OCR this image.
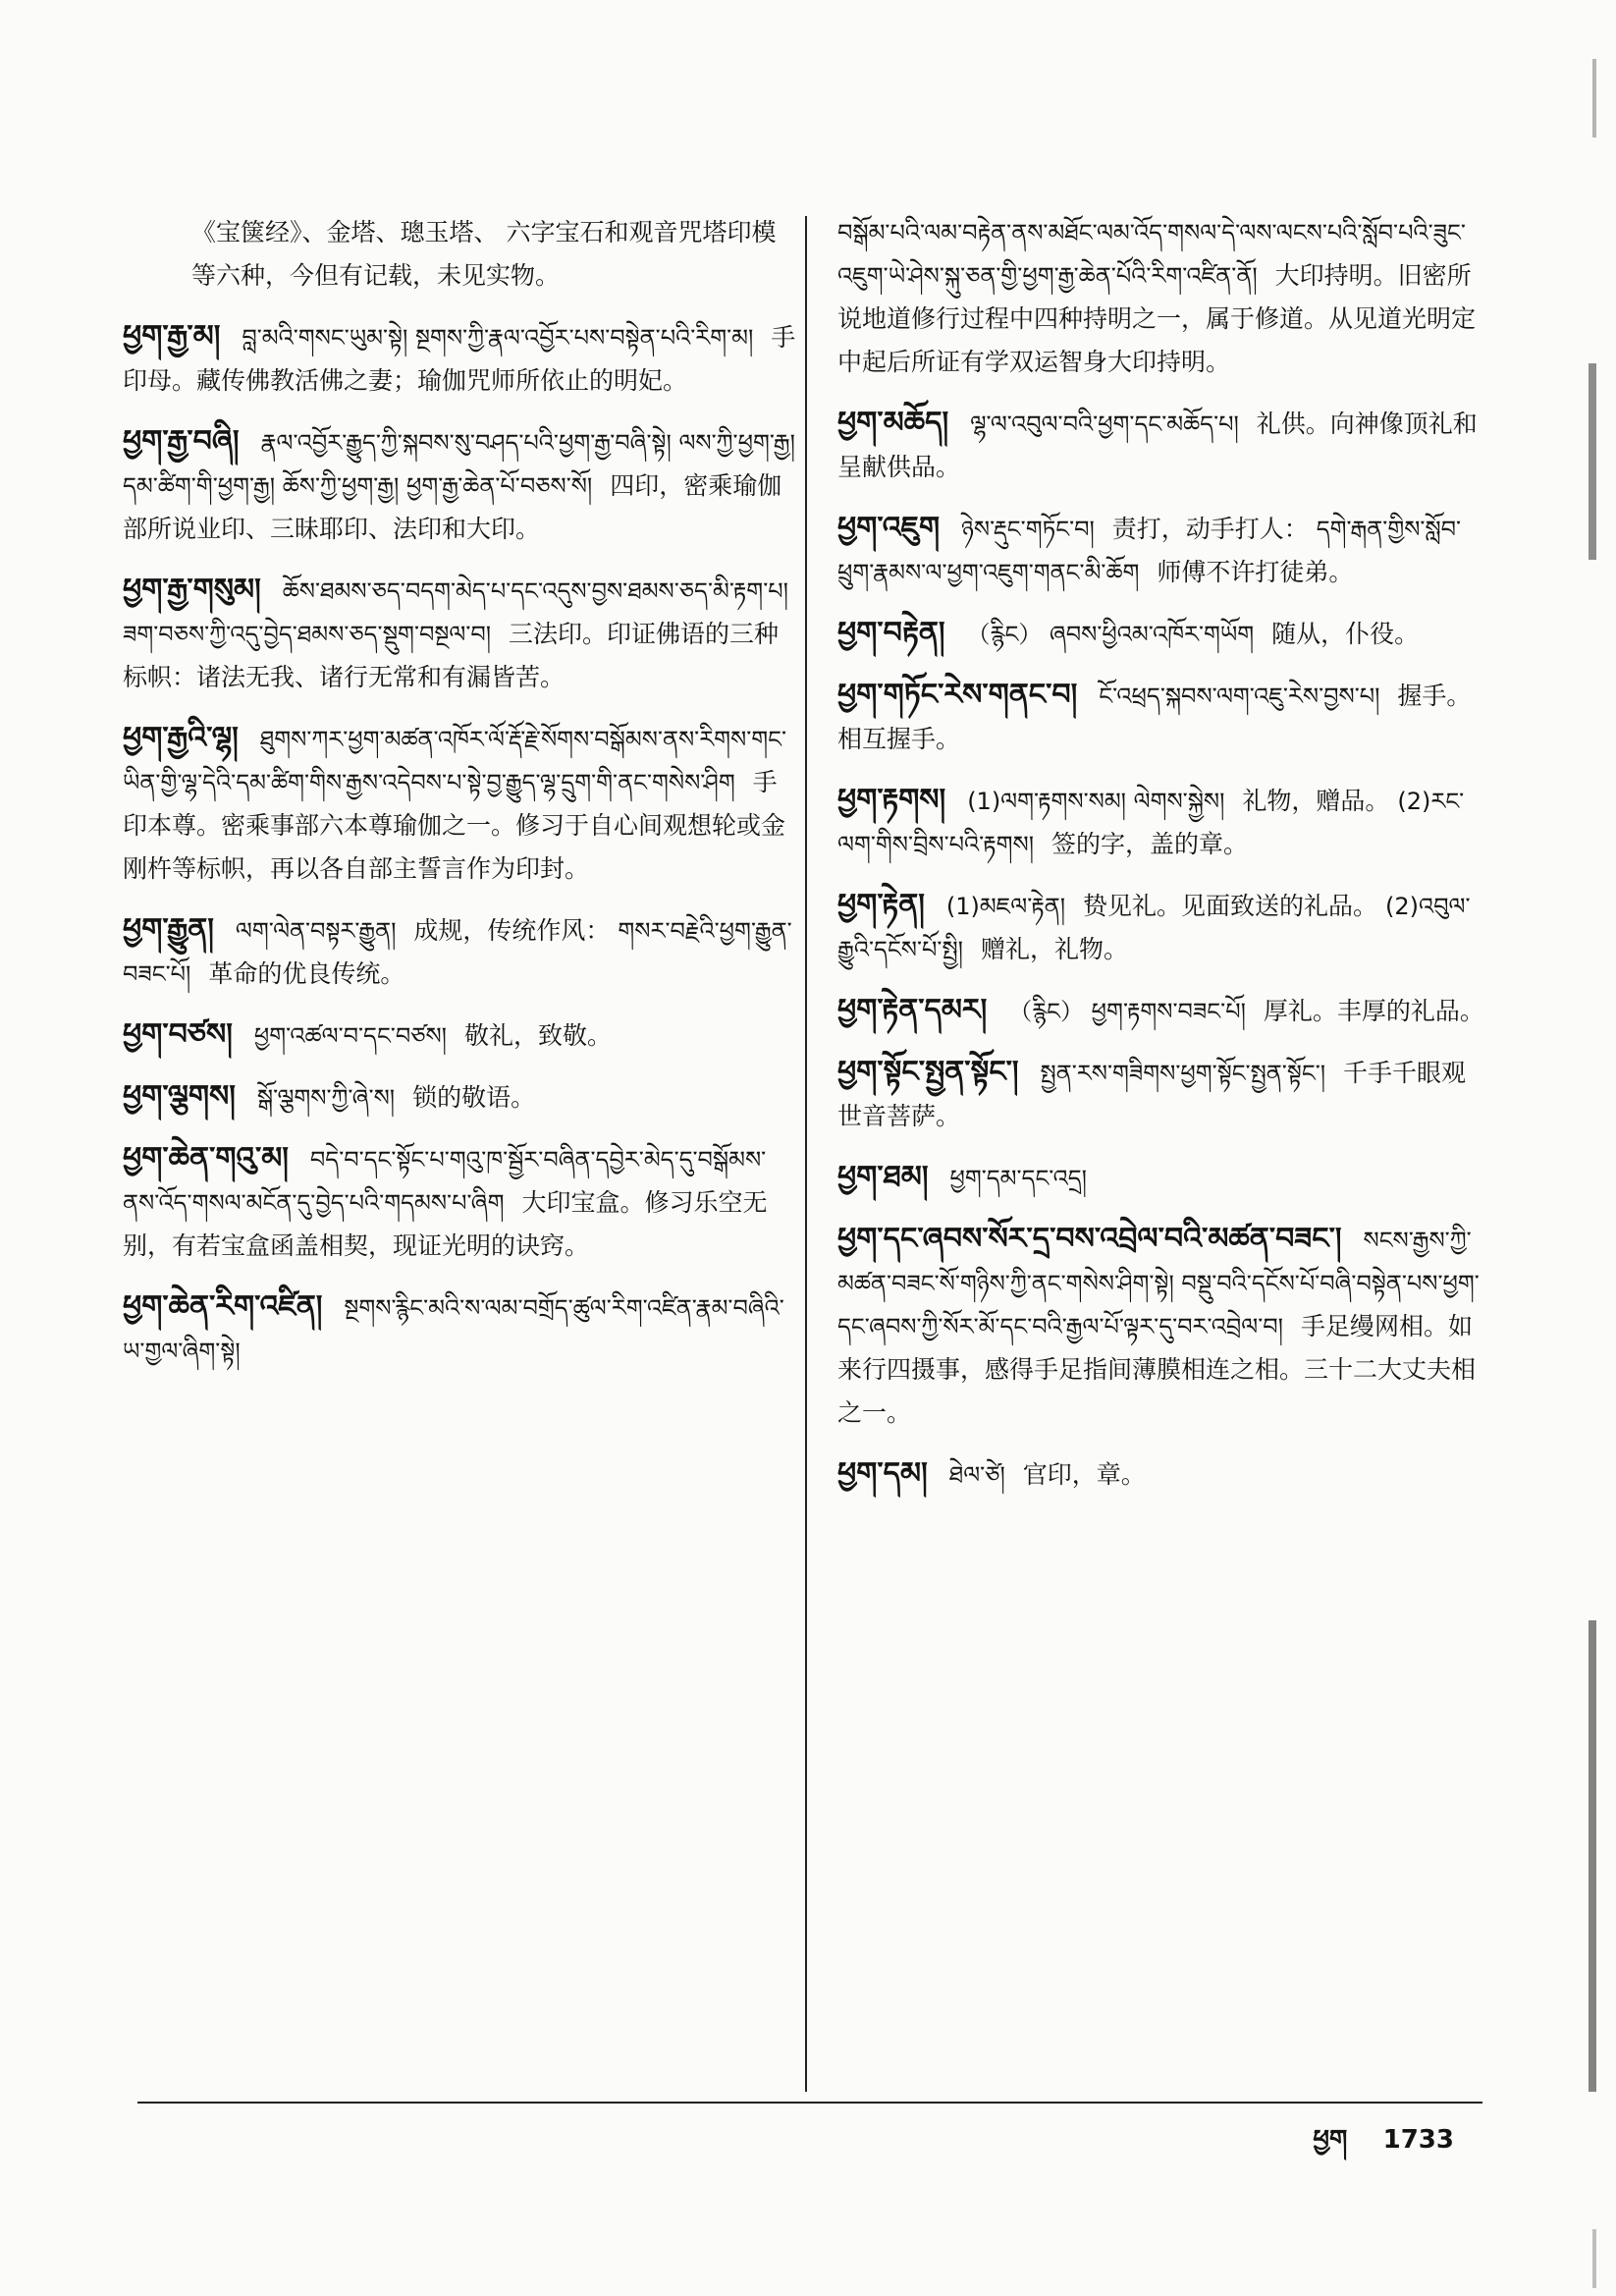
《宝箧经》、金塔、璁玉塔、 六字宝石和观音咒塔印模等六种，今但有记载，未见实物。
ཕྱག་རྒྱ་མ། བླ་མའི་གསང་ཡུམ་སྟེ། སྔགས་ཀྱི་རྣལ་འབྱོར་པས་བསྟེན་པའི་རིག་མ། 手印母。藏传佛教活佛之妻；瑜伽咒师所依止的明妃。
ཕྱག་རྒྱ་བཞི། རྣལ་འབྱོར་རྒྱུད་ཀྱི་སྐབས་སུ་བཤད་པའི་ཕྱག་རྒྱ་བཞི་སྟེ། ལས་ཀྱི་ཕྱག་རྒྱ། དམ་ཚིག་གི་ཕྱག་རྒྱ། ཆོས་ཀྱི་ཕྱག་རྒྱ། ཕྱག་རྒྱ་ཆེན་པོ་བཅས་སོ། 四印，密乘瑜伽部所说业印、三昧耶印、法印和大印。
ཕྱག་རྒྱ་གསུམ། ཆོས་ཐམས་ཅད་བདག་མེད་པ་དང་འདུས་བྱས་ཐམས་ཅད་མི་རྟག་པ། ཟག་བཅས་ཀྱི་འདུ་བྱེད་ཐམས་ཅད་སྡུག་བསྔལ་བ། 三法印。印证佛语的三种标帜：诸法无我、诸行无常和有漏皆苦。
ཕྱག་རྒྱའི་ལྷ། ཐུགས་ཀར་ཕྱག་མཚན་འཁོར་ལོ་རྡོ་རྗེ་སོགས་བསྒོམས་ནས་རིགས་གང་ཡིན་གྱི་ལྷ་དེའི་དམ་ཚིག་གིས་རྒྱས་འདེབས་པ་སྟེ་བྱ་རྒྱུད་ལྷ་དྲུག་གི་ནང་གསེས་ཤིག 手印本尊。密乘事部六本尊瑜伽之一。修习于自心间观想轮或金刚杵等标帜，再以各自部主誓言作为印封。
ཕྱག་རྒྱུན། ལག་ལེན་བསྟར་རྒྱུན། 成规，传统作风： གསར་བརྗེའི་ཕྱག་རྒྱུན་བཟང་པོ། 革命的优良传统。
ཕྱག་བཙས། ཕྱག་འཚལ་བ་དང་བཙས། 敬礼，致敬。
ཕྱག་ལྕགས། སྒོ་ལྕགས་ཀྱི་ཞེ་ས། 锁的敬语。
ཕྱག་ཆེན་གའུ་མ། བདེ་བ་དང་སྟོང་པ་གའུ་ཁ་སྦྱོར་བཞིན་དབྱེར་མེད་དུ་བསྒོམས་ནས་འོད་གསལ་མངོན་དུ་བྱེད་པའི་གདམས་པ་ཞིག 大印宝盒。修习乐空无别，有若宝盒函盖相契，现证光明的诀窍。
ཕྱག་ཆེན་རིག་འཛིན། སྔགས་རྙིང་མའི་ས་ལམ་བགྲོད་ཚུལ་རིག་འཛིན་རྣམ་བཞིའི་ཡ་གྱལ་ཞིག་སྟེ།
བསྒོམ་པའི་ལམ་བརྟེན་ནས་མཐོང་ལམ་འོད་གསལ་དེ་ལས་ལངས་པའི་སློབ་པའི་ཟུང་འཇུག་ཡེ་ཤེས་སྐུ་ཅན་གྱི་ཕྱག་རྒྱ་ཆེན་པོའི་རིག་འཛིན་ནོ། 大印持明。旧密所说地道修行过程中四种持明之一，属于修道。从见道光明定中起后所证有学双运智身大印持明。
ཕྱག་མཆོད། ལྷ་ལ་འབུལ་བའི་ཕྱག་དང་མཆོད་པ། 礼供。向神像顶礼和呈献供品。
ཕྱག་འཇུག ཉེས་རྡུང་གཏོང་བ། 责打，动手打人： དགེ་རྒན་གྱིས་སློབ་ཕྲུག་རྣམས་ལ་ཕྱག་འཇུག་གནང་མི་ཆོག 师傅不许打徒弟。
ཕྱག་བརྟེན། （རྙིང） ཞབས་ཕྱིའམ་འཁོར་གཡོག 随从，仆役。
ཕྱག་གཏོང་རེས་གནང་བ། ངོ་འཕྲད་སྐབས་ལག་འཇུ་རེས་བྱས་པ། 握手。相互握手。
ཕྱག་རྟགས། (1)ལག་རྟགས་སམ། ལེགས་སྐྱེས། 礼物，赠品。 (2)རང་ལག་གིས་བྲིས་པའི་རྟགས། 签的字，盖的章。
ཕྱག་རྟེན། (1)མཇལ་རྟེན། 贽见礼。见面致送的礼品。 (2)འབུལ་རྒྱུའི་དངོས་པོ་སྤྱི། 赠礼，礼物。
ཕྱག་རྟེན་དམར། （རྙིང） ཕྱག་རྟགས་བཟང་པོ། 厚礼。丰厚的礼品。
ཕྱག་སྟོང་སྤྱན་སྟོང་། སྤྱན་རས་གཟིགས་ཕྱག་སྟོང་སྤྱན་སྟོང་། 千手千眼观世音菩萨。
ཕྱག་ཐམ། ཕྱག་དམ་དང་འདྲ།
ཕྱག་དང་ཞབས་སོར་དྲ་བས་འབྲེལ་བའི་མཚན་བཟང་། སངས་རྒྱས་ཀྱི་མཚན་བཟང་སོ་གཉིས་ཀྱི་ནང་གསེས་ཤིག་སྟེ། བསྡུ་བའི་དངོས་པོ་བཞི་བསྟེན་པས་ཕྱག་དང་ཞབས་ཀྱི་སོར་མོ་དང་བའི་རྒྱལ་པོ་ལྟར་དུ་བར་འབྲེལ་བ། 手足缦网相。如来行四摄事，感得手足指间薄膜相连之相。三十二大丈夫相之一。
ཕྱག་དམ། ཐེལ་ཙེ། 官印，章。
ཕྱག 1733
